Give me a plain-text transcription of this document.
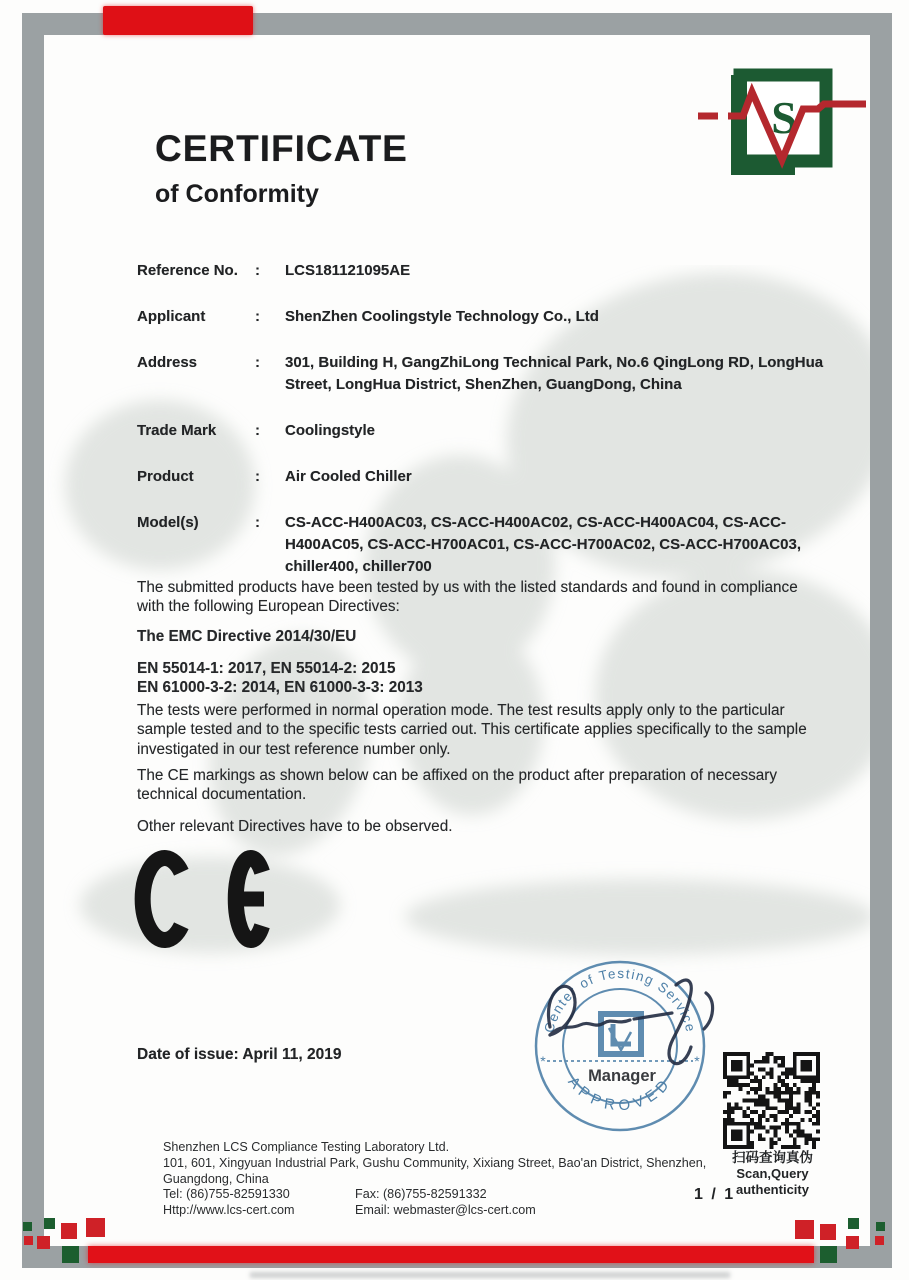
S
CERTIFICATE
of Conformity
Reference No.	:	LCS181121095AE
Applicant	:	ShenZhen Coolingstyle Technology Co., Ltd
Address	:	301, Building H, GangZhiLong Technical Park, No.6 QingLong RD, LongHua Street, LongHua District, ShenZhen, GuangDong, China
Trade Mark	:	Coolingstyle
Product	:	Air Cooled Chiller
Model(s)	:	CS-ACC-H400AC03, CS-ACC-H400AC02, CS-ACC-H400AC04, CS-ACC-H400AC05, CS-ACC-H700AC01, CS-ACC-H700AC02, CS-ACC-H700AC03, chiller400, chiller700
The submitted products have been tested by us with the listed standards and found in compliance with the following European Directives:
The EMC Directive 2014/30/EU
EN 55014-1: 2017, EN 55014-2: 2015
EN 61000-3-2: 2014, EN 61000-3-3: 2013
The tests were performed in normal operation mode. The test results apply only to the particular sample tested and to the specific tests carried out. This certificate applies specifically to the sample investigated in our test reference number only.
The CE markings as shown below can be affixed on the product after preparation of necessary technical documentation.
Other relevant Directives have to be observed.
Center of Testing Service
APPROVED
*	*
Manager
Date of issue: April 11, 2019
扫码查询真伪
Scan,Query authenticity
1 / 1
Shenzhen LCS Compliance Testing Laboratory Ltd.
101, 601, Xingyuan Industrial Park, Gushu Community, Xixiang Street, Bao'an District, Shenzhen,
Guangdong, China
Tel: (86)755-82591330	Fax: (86)755-82591332
Http://www.lcs-cert.com	Email: webmaster@lcs-cert.com
